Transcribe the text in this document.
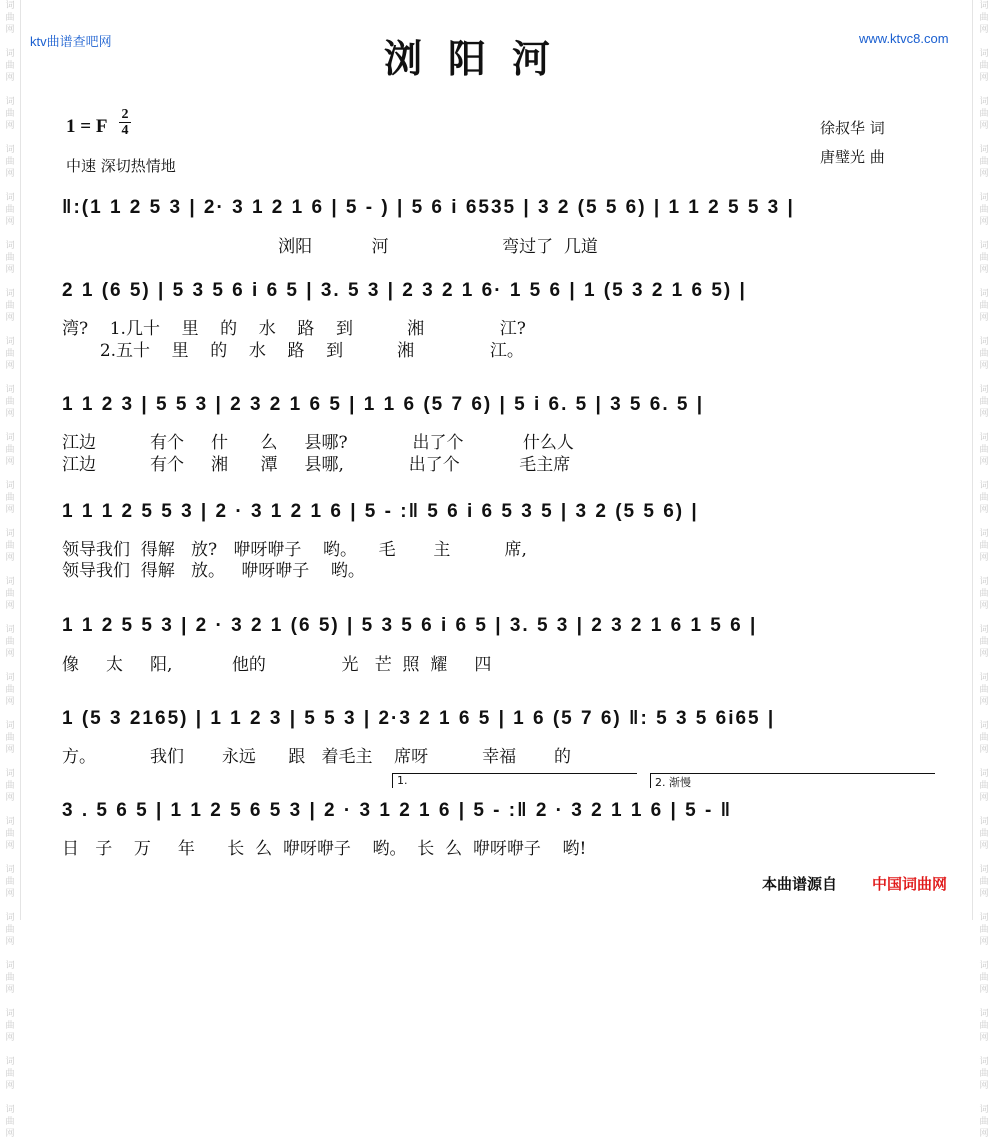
词
曲
网

词
曲
网

词
曲
网

词
曲
网

词
曲
网

词
曲
网

词
曲
网

词
曲
网

词
曲
网

词
曲
网

词
曲
网

词
曲
网

词
曲
网

词
曲
网

词
曲
网

词
曲
网

词
曲
网

词
曲
网

词
曲
网

词
曲
网

词
曲
网

词
曲
网

词
曲
网

词
曲
网

词
曲
网

词
曲
网

词
曲
网

词
曲
网

词
曲
网

词
曲
网

词
曲
网

词
曲
网

词
曲
网

词
曲
网

词
曲
网

词
曲
网

词
曲
网

词
曲
网

词
曲
网

词
曲
网

词
曲
网

词
曲
网

词
曲
网

词
曲
网

词
曲
网

词
曲
网

词
曲
网

词
曲
网

ktv曲谱查吧网	www.ktvc8.com
浏阳河
1 = F
2
4
中速 深切热情地
徐叔华 词
唐璧光 曲
‖:(1 1 2 5 3 | 2· 3 1 2 1 6 | 5 - ) | 5 6 i 6535 | 3 2 (5 5 6) | 1 1 2 5 5 3 |
浏阳           河                     弯过了  几道
2 1 (6 5) | 5 3 5 6 i 6 5 | 3. 5 3 | 2 3 2 1 6· 1 5 6 | 1 (5 3 2 1 6 5) |
湾?    1.几十    里    的    水    路    到          湘              江?
2.五十    里    的    水    路    到          湘              江。
1 1 2 3 | 5 5 3 | 2 3 2 1 6 5 | 1 1 6 (5 7 6) | 5 i 6. 5 | 3 5 6. 5 |
江边          有个     什      么     县哪?            出了个           什么人
江边          有个     湘      潭     县哪,            出了个           毛主席
1 1 1 2 5 5 3 | 2 · 3 1 2 1 6 | 5 - :‖ 5 6 i 6 5 3 5 | 3 2 (5 5 6) |
领导我们  得解   放?   咿呀咿子    哟。    毛       主          席,
领导我们  得解   放。   咿呀咿子    哟。
1 1 2 5 5 3 | 2 · 3 2 1 (6 5) | 5 3 5 6 i 6 5 | 3. 5 3 | 2 3 2 1 6 1 5 6 |
像     太     阳,           他的              光   芒  照  耀     四
1 (5 3 2165) | 1 1 2 3 | 5 5 3 | 2·3 2 1 6 5 | 1 6 (5 7 6) ‖: 5 3 5 6i65 |
方。          我们       永远      跟   着毛主    席呀          幸福       的
1.	2. 渐慢
3 . 5 6 5 | 1 1 2 5 6 5 3 | 2 · 3 1 2 1 6 | 5 - :‖ 2 · 3 2 1 1 6 | 5 - ‖
日   子    万     年      长  么  咿呀咿子    哟。  长  么  咿呀咿子    哟!
本曲谱源自 中国词曲网
